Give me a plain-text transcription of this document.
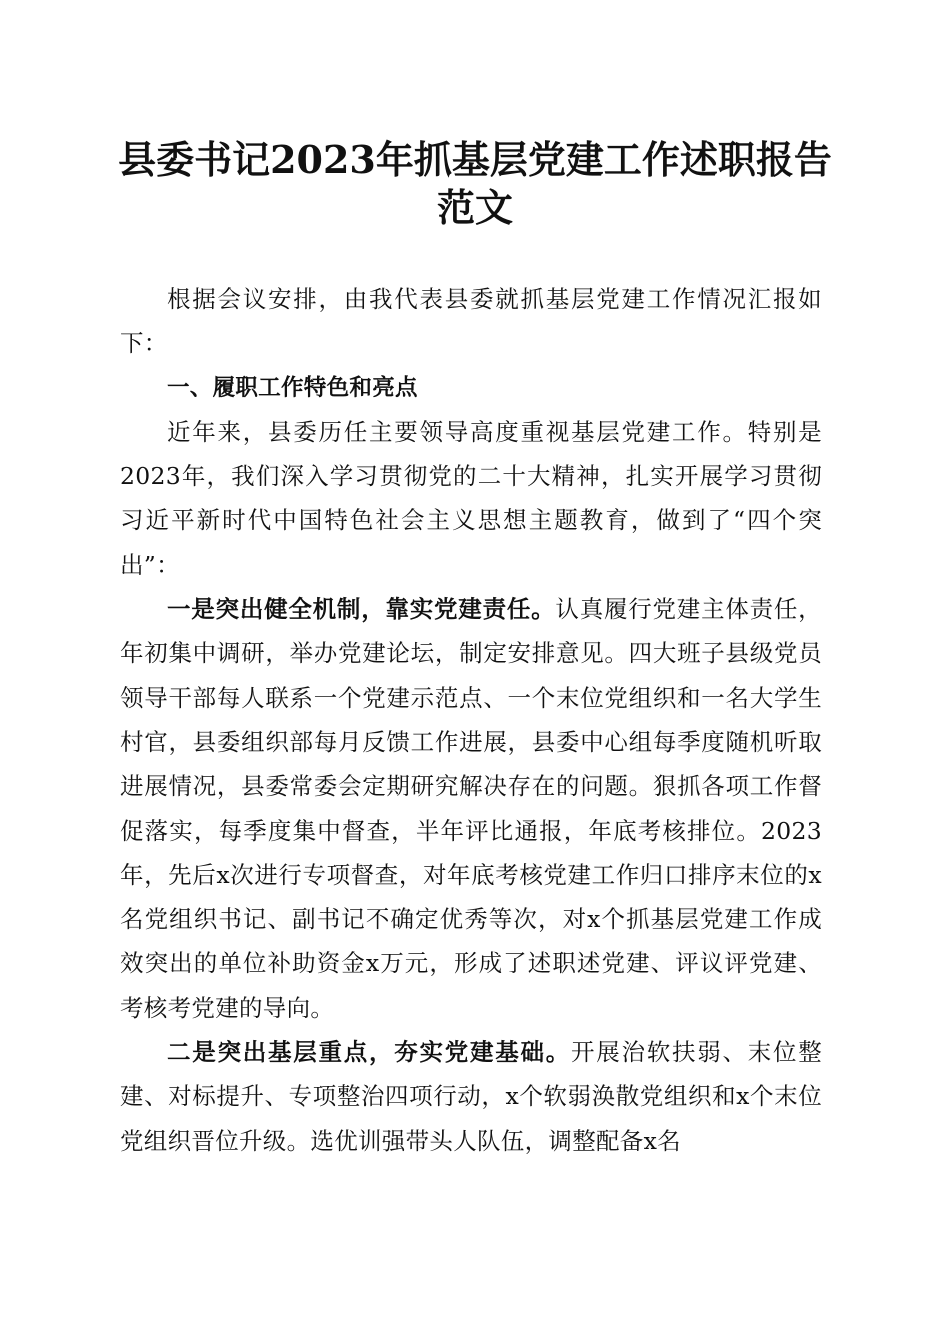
县委书记2023年抓基层党建工作述职报告范文

根据会议安排，由我代表县委就抓基层党建工作情况汇报如下：

一、履职工作特色和亮点

近年来，县委历任主要领导高度重视基层党建工作。特别是2023年，我们深入学习贯彻党的二十大精神，扎实开展学习贯彻习近平新时代中国特色社会主义思想主题教育，做到了“四个突出”：

一是突出健全机制，靠实党建责任。认真履行党建主体责任，年初集中调研，举办党建论坛，制定安排意见。四大班子县级党员领导干部每人联系一个党建示范点、一个末位党组织和一名大学生村官，县委组织部每月反馈工作进展，县委中心组每季度随机听取进展情况，县委常委会定期研究解决存在的问题。狠抓各项工作督促落实，每季度集中督查，半年评比通报，年底考核排位。2023年，先后x次进行专项督查，对年底考核党建工作归口排序末位的x名党组织书记、副书记不确定优秀等次，对x个抓基层党建工作成效突出的单位补助资金x万元，形成了述职述党建、评议评党建、考核考党建的导向。

二是突出基层重点，夯实党建基础。开展治软扶弱、末位整建、对标提升、专项整治四项行动，x个软弱涣散党组织和x个末位党组织晋位升级。选优训强带头人队伍，调整配备x名
